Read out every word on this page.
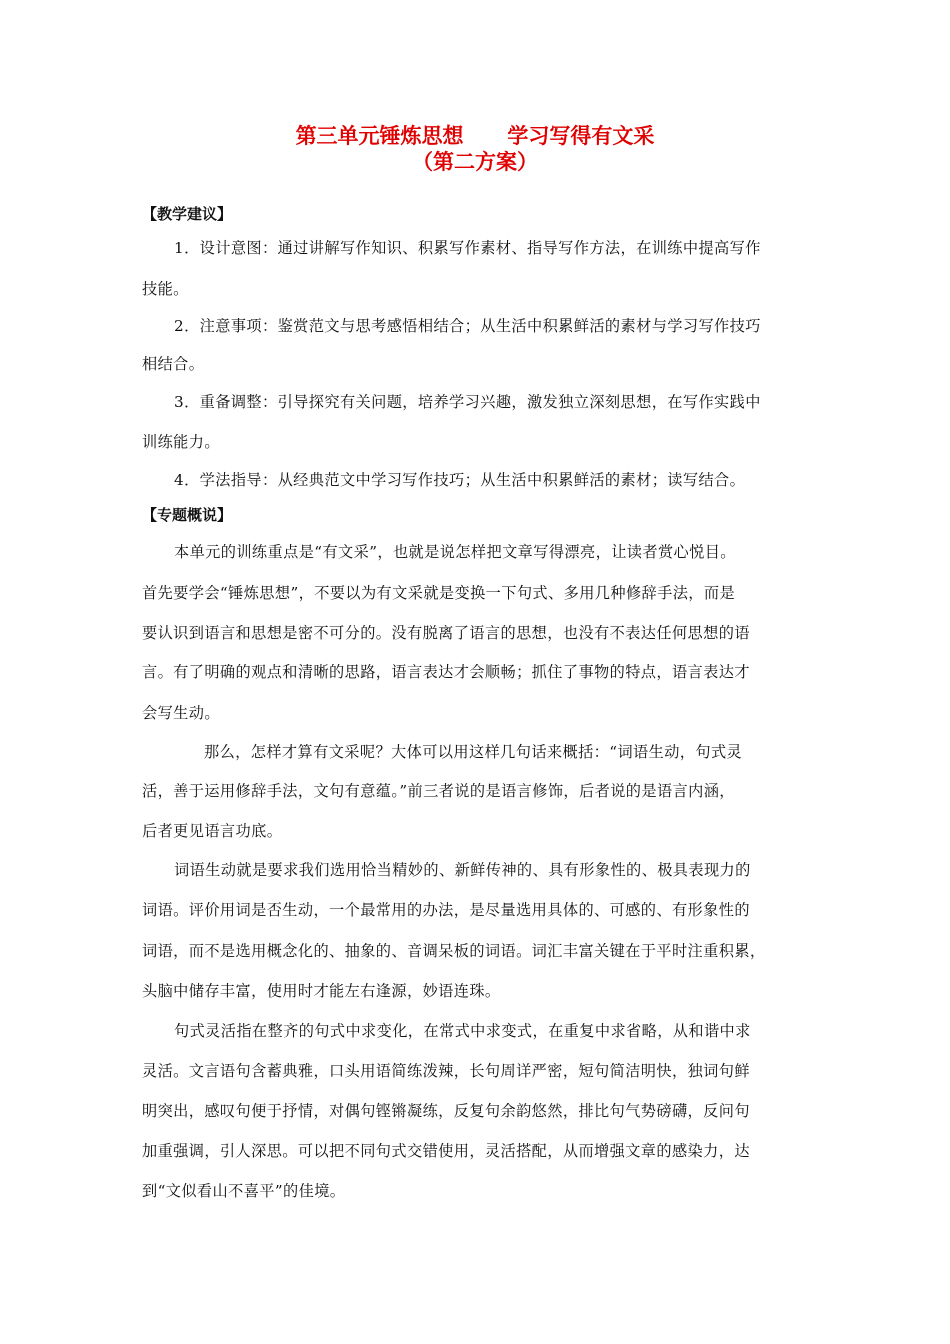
第三单元锤炼思想      学习写得有文采
（第二方案）
【教学建议】
1．设计意图：通过讲解写作知识、积累写作素材、指导写作方法，在训练中提高写作
技能。
2．注意事项：鉴赏范文与思考感悟相结合；从生活中积累鲜活的素材与学习写作技巧
相结合。
3．重备调整：引导探究有关问题，培养学习兴趣，激发独立深刻思想，在写作实践中
训练能力。
4．学法指导：从经典范文中学习写作技巧；从生活中积累鲜活的素材；读写结合。
【专题概说】
本单元的训练重点是“有文采”，也就是说怎样把文章写得漂亮，让读者赏心悦目。
首先要学会“锤炼思想”，不要以为有文采就是变换一下句式、多用几种修辞手法，而是
要认识到语言和思想是密不可分的。没有脱离了语言的思想，也没有不表达任何思想的语
言。有了明确的观点和清晰的思路，语言表达才会顺畅；抓住了事物的特点，语言表达才
会写生动。
那么，怎样才算有文采呢？大体可以用这样几句话来概括：“词语生动，句式灵
活，善于运用修辞手法，文句有意蕴。”前三者说的是语言修饰，后者说的是语言内涵，
后者更见语言功底。
词语生动就是要求我们选用恰当精妙的、新鲜传神的、具有形象性的、极具表现力的
词语。评价用词是否生动，一个最常用的办法，是尽量选用具体的、可感的、有形象性的
词语，而不是选用概念化的、抽象的、音调呆板的词语。词汇丰富关键在于平时注重积累，
头脑中储存丰富，使用时才能左右逢源，妙语连珠。
句式灵活指在整齐的句式中求变化，在常式中求变式，在重复中求省略，从和谐中求
灵活。文言语句含蓄典雅，口头用语简练泼辣，长句周详严密，短句简洁明快，独词句鲜
明突出，感叹句便于抒情，对偶句铿锵凝练，反复句余韵悠然，排比句气势磅礴，反问句
加重强调，引人深思。可以把不同句式交错使用，灵活搭配，从而增强文章的感染力，达
到“文似看山不喜平”的佳境。
